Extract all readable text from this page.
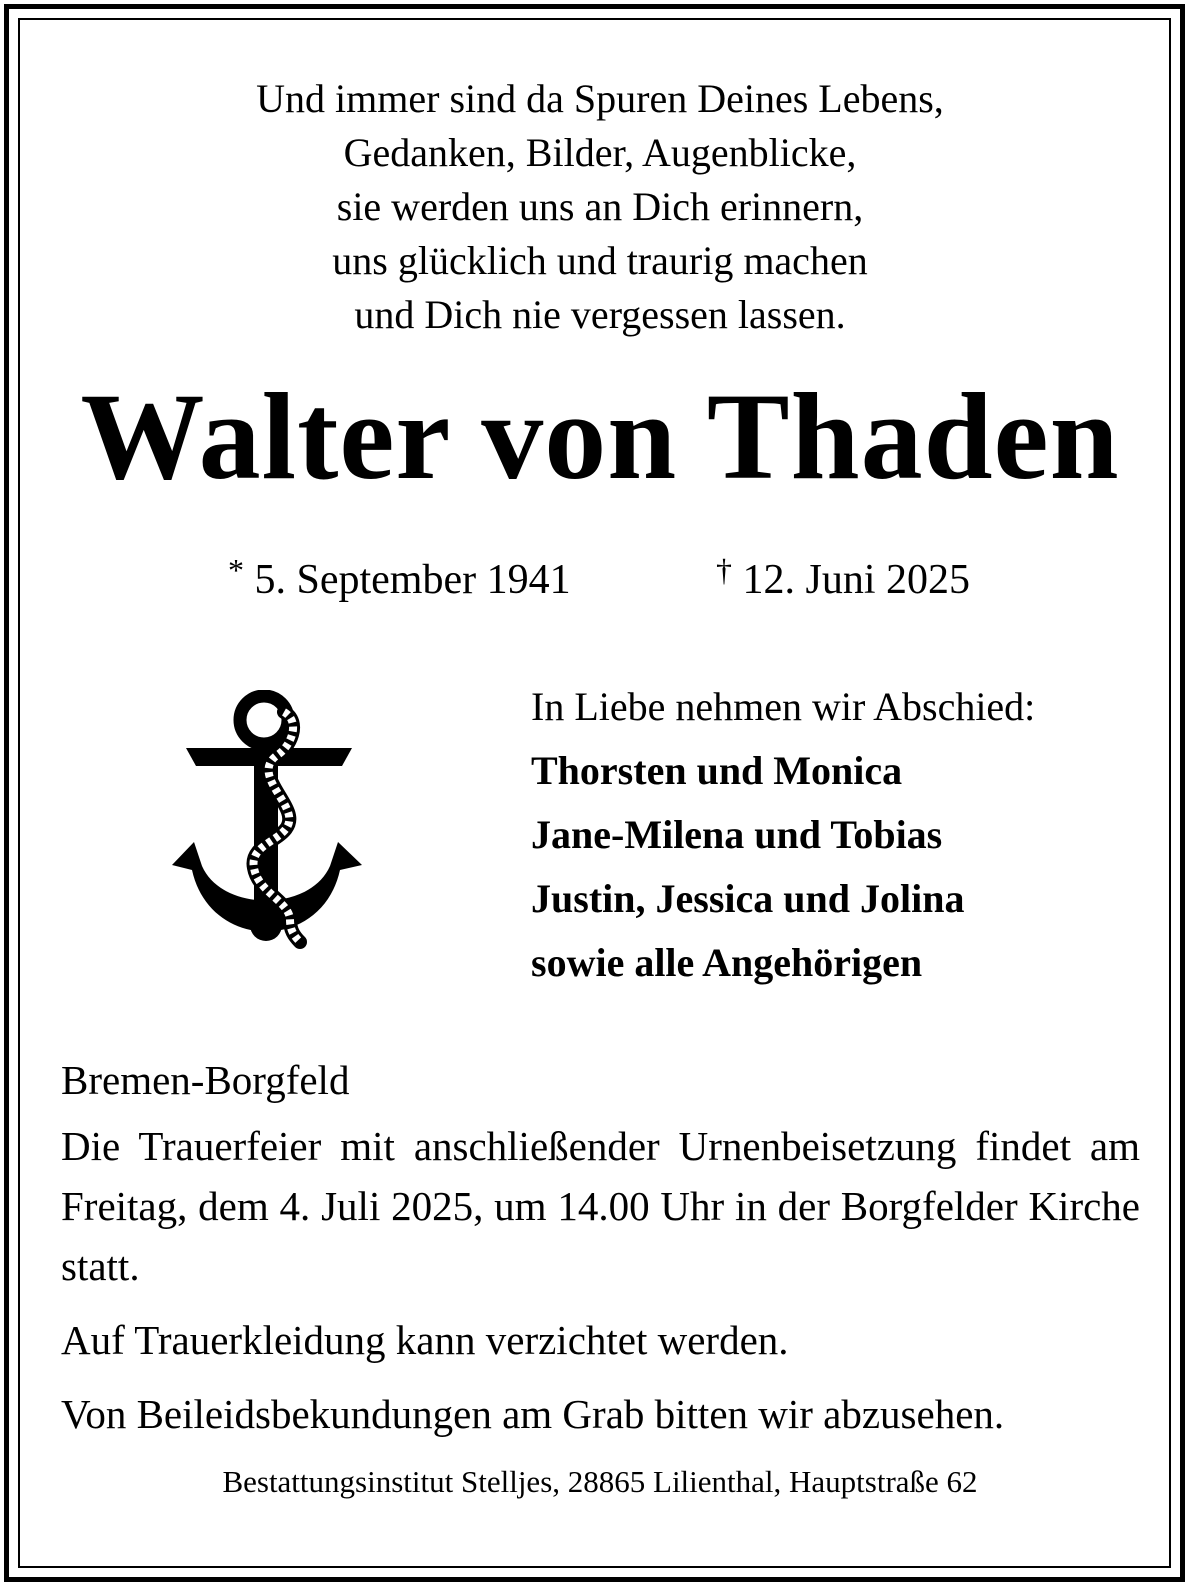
Und immer sind da Spuren Deines Lebens,
Gedanken, Bilder, Augenblicke,
sie werden uns an Dich erinnern,
uns glücklich und traurig machen
und Dich nie vergessen lassen.
Walter von Thaden
* 5. September 1941	† 12. Juni 2025
In Liebe nehmen wir Abschied:
Thorsten und Monica
Jane-Milena und Tobias
Justin, Jessica und Jolina
sowie alle Angehörigen
Bremen-Borgfeld
Die Trauerfeier mit anschließender Urnenbeisetzung findet am Freitag, dem 4. Juli 2025, um 14.00 Uhr in der Borgfelder Kirche statt.
Auf Trauerkleidung kann verzichtet werden.
Von Beileidsbekundungen am Grab bitten wir abzusehen.
Bestattungsinstitut Stelljes, 28865 Lilienthal, Hauptstraße 62
